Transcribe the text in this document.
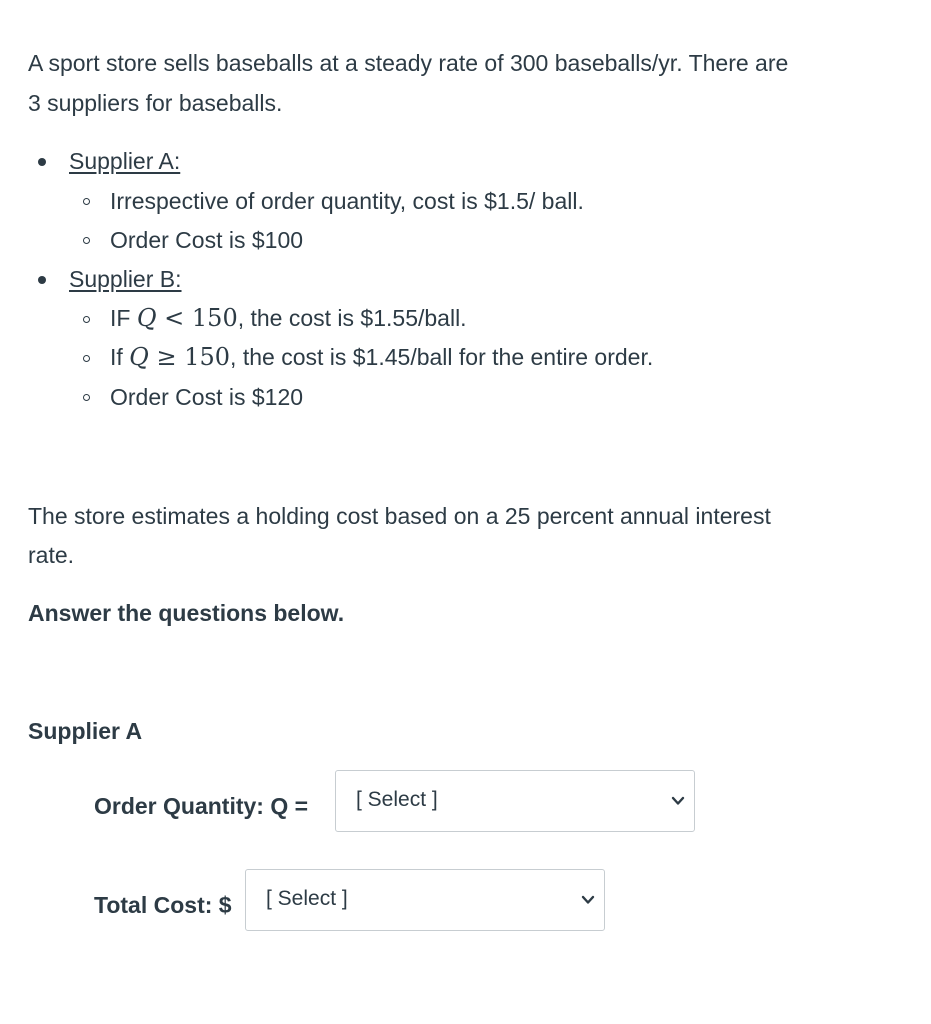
A sport store sells baseballs at a steady rate of 300 baseballs/yr. There are
3 suppliers for baseballs.
Supplier A:
Irrespective of order quantity, cost is $1.5/ ball.
Order Cost is $100
Supplier B:
IF Q < 150, the cost is $1.55/ball.
If Q ≥ 150, the cost is $1.45/ball for the entire order.
Order Cost is $120
The store estimates a holding cost based on a 25 percent annual interest
rate.
Answer the questions below.
Supplier A
Order Quantity: Q = [ Select ]
Total Cost: $ [ Select ]
